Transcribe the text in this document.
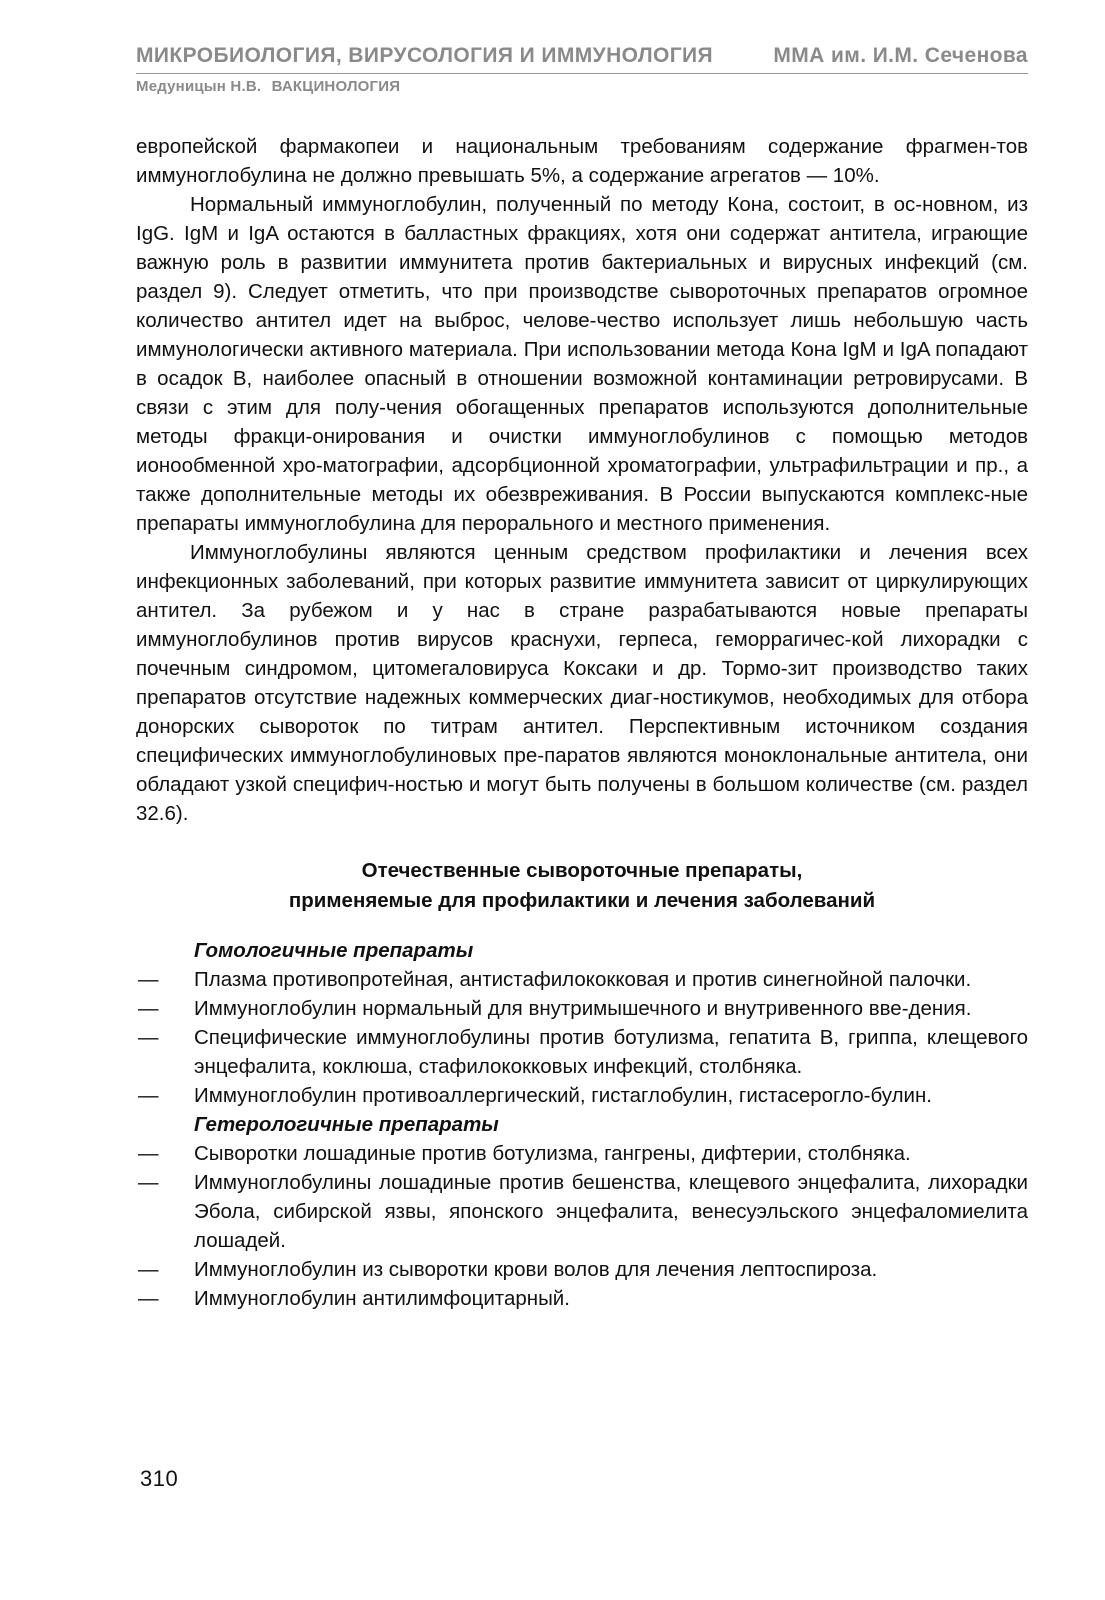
МИКРОБИОЛОГИЯ, ВИРУСОЛОГИЯ И ИММУНОЛОГИЯ	ММА им. И.М. Сеченова
Медуницын Н.В. ВАКЦИНОЛОГИЯ

европейской фармакопеи и национальным требованиям содержание фрагмен-тов иммуноглобулина не должно превышать 5%, а содержание агрегатов — 10%.

Нормальный иммуноглобулин, полученный по методу Кона, состоит, в ос-новном, из IgG. IgM и IgA остаются в балластных фракциях, хотя они содержат антитела, играющие важную роль в развитии иммунитета против бактериальных и вирусных инфекций (см. раздел 9). Следует отметить, что при производстве сывороточных препаратов огромное количество антител идет на выброс, челове-чество использует лишь небольшую часть иммунологически активного материала. При использовании метода Кона IgM и IgA попадают в осадок В, наиболее опасный в отношении возможной контаминации ретровирусами. В связи с этим для полу-чения обогащенных препаратов используются дополнительные методы фракци-онирования и очистки иммуноглобулинов с помощью методов ионообменной хро-матографии, адсорбционной хроматографии, ультрафильтрации и пр., а также дополнительные методы их обезвреживания. В России выпускаются комплекс-ные препараты иммуноглобулина для перорального и местного применения.

Иммуноглобулины являются ценным средством профилактики и лечения всех инфекционных заболеваний, при которых развитие иммунитета зависит от циркулирующих антител. За рубежом и у нас в стране разрабатываются новые препараты иммуноглобулинов против вирусов краснухи, герпеса, геморрагичес-кой лихорадки с почечным синдромом, цитомегаловируса Коксаки и др. Тормо-зит производство таких препаратов отсутствие надежных коммерческих диаг-ностикумов, необходимых для отбора донорских сывороток по титрам антител. Перспективным источником создания специфических иммуноглобулиновых пре-паратов являются моноклональные антитела, они обладают узкой специфич-ностью и могут быть получены в большом количестве (см. раздел 32.6).

Отечественные сывороточные препараты,
применяемые для профилактики и лечения заболеваний
Гомологичные препараты
— Плазма противопротейная, антистафилококковая и против синегнойной палочки.
— Иммуноглобулин нормальный для внутримышечного и внутривенного вве-дения.
— Специфические иммуноглобулины против ботулизма, гепатита В, гриппа, клещевого энцефалита, коклюша, стафилококковых инфекций, столбняка.
— Иммуноглобулин противоаллергический, гистаглобулин, гистасерогло-булин.
Гетерологичные препараты
— Сыворотки лошадиные против ботулизма, гангрены, дифтерии, столбняка.
— Иммуноглобулины лошадиные против бешенства, клещевого энцефалита, лихорадки Эбола, сибирской язвы, японского энцефалита, венесуэльского энцефаломиелита лошадей.
— Иммуноглобулин из сыворотки крови волов для лечения лептоспироза.
— Иммуноглобулин антилимфоцитарный.
310
